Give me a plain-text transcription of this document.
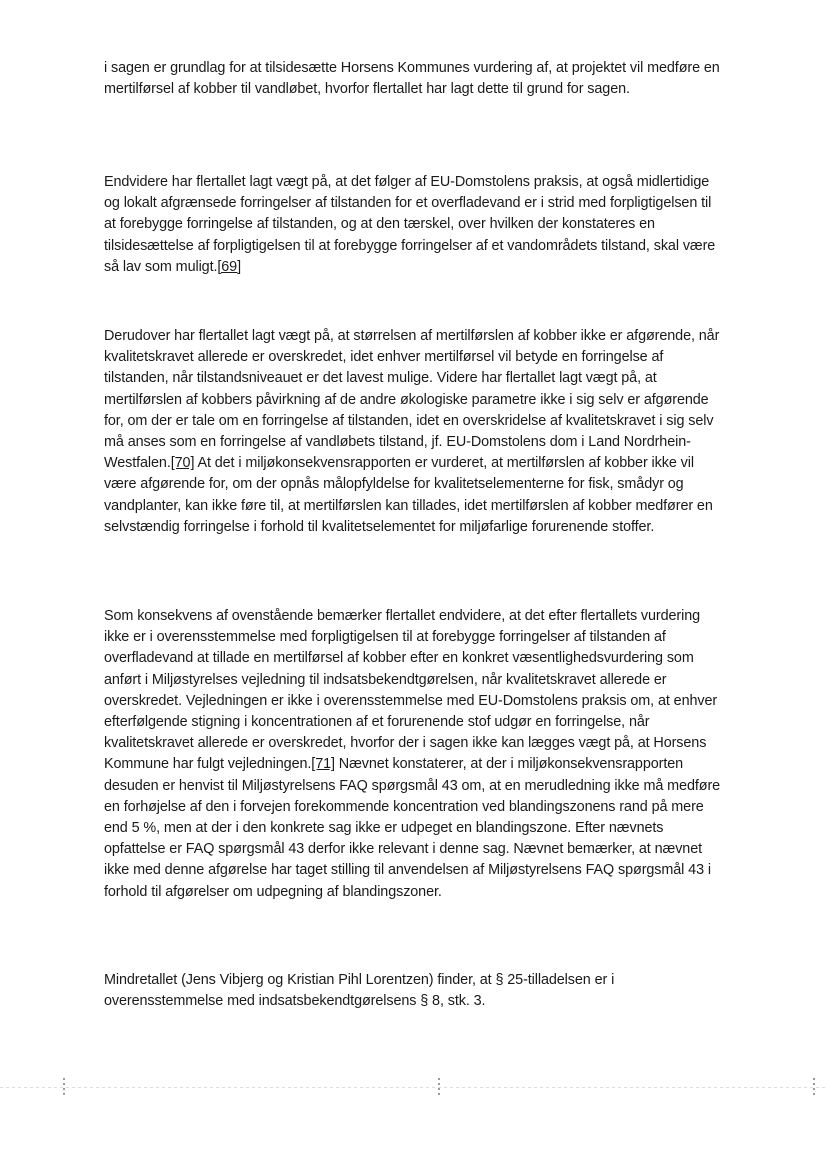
i sagen er grundlag for at tilsidesætte Horsens Kommunes vurdering af, at projektet vil medføre en mertilførsel af kobber til vandløbet, hvorfor flertallet har lagt dette til grund for sagen.

Endvidere har flertallet lagt vægt på, at det følger af EU-Domstolens praksis, at også midlertidige og lokalt afgrænsede forringelser af tilstanden for et overfladevand er i strid med forpligtigelsen til at forebygge forringelse af tilstanden, og at den tærskel, over hvilken der konstateres en tilsidesættelse af forpligtigelsen til at forebygge forringelser af et vandområdets tilstand, skal være så lav som muligt.[69]

Derudover har flertallet lagt vægt på, at størrelsen af mertilførslen af kobber ikke er afgørende, når kvalitetskravet allerede er overskredet, idet enhver mertilførsel vil betyde en forringelse af tilstanden, når tilstandsniveauet er det lavest mulige. Videre har flertallet lagt vægt på, at mertilførslen af kobbers påvirkning af de andre økologiske parametre ikke i sig selv er afgørende for, om der er tale om en forringelse af tilstanden, idet en overskridelse af kvalitetskravet i sig selv må anses som en forringelse af vandløbets tilstand, jf. EU-Domstolens dom i Land Nordrhein-Westfalen.[70] At det i miljøkonsekvensrapporten er vurderet, at mertilførslen af kobber ikke vil være afgørende for, om der opnås målopfyldelse for kvalitetselementerne for fisk, smådyr og vandplanter, kan ikke føre til, at mertilførslen kan tillades, idet mertilførslen af kobber medfører en selvstændig forringelse i forhold til kvalitetselementet for miljøfarlige forurenende stoffer.

Som konsekvens af ovenstående bemærker flertallet endvidere, at det efter flertallets vurdering ikke er i overensstemmelse med forpligtigelsen til at forebygge forringelser af tilstanden af overfladevand at tillade en mertilførsel af kobber efter en konkret væsentlighedsvurdering som anført i Miljøstyrelses vejledning til indsatsbekendtgørelsen, når kvalitetskravet allerede er overskredet. Vejledningen er ikke i overensstemmelse med EU-Domstolens praksis om, at enhver efterfølgende stigning i koncentrationen af et forurenende stof udgør en forringelse, når kvalitetskravet allerede er overskredet, hvorfor der i sagen ikke kan lægges vægt på, at Horsens Kommune har fulgt vejledningen.[71] Nævnet konstaterer, at der i miljøkonsekvensrapporten desuden er henvist til Miljøstyrelsens FAQ spørgsmål 43 om, at en merudledning ikke må medføre en forhøjelse af den i forvejen forekommende koncentration ved blandingszonens rand på mere end 5 %, men at der i den konkrete sag ikke er udpeget en blandingszone. Efter nævnets opfattelse er FAQ spørgsmål 43 derfor ikke relevant i denne sag. Nævnet bemærker, at nævnet ikke med denne afgørelse har taget stilling til anvendelsen af Miljøstyrelsens FAQ spørgsmål 43 i forhold til afgørelser om udpegning af blandingszoner.

Mindretallet (Jens Vibjerg og Kristian Pihl Lorentzen) finder, at § 25-tilladelsen er i overensstemmelse med indsatsbekendtgørelsens § 8, stk. 3.
